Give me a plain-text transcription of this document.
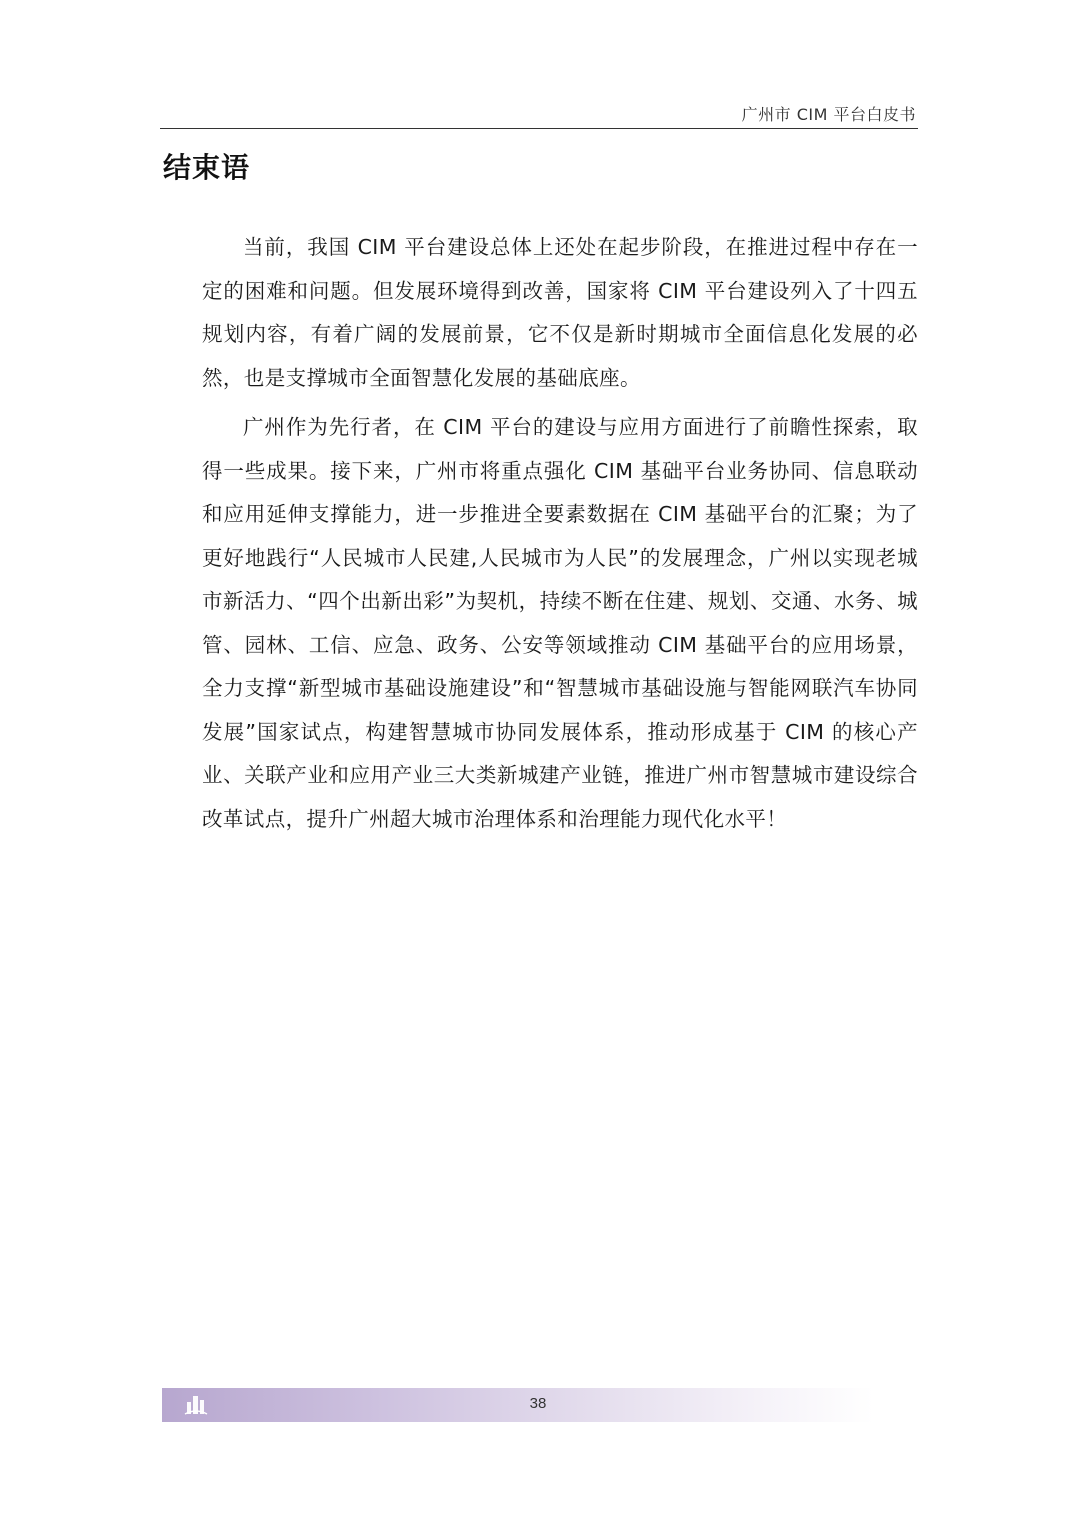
广州市 CIM 平台白皮书
结束语

当前，我国 CIM 平台建设总体上还处在起步阶段，在推进过程中存在一定的困难和问题。但发展环境得到改善，国家将 CIM 平台建设列入了十四五规划内容，有着广阔的发展前景，它不仅是新时期城市全面信息化发展的必然，也是支撑城市全面智慧化发展的基础底座。

广州作为先行者，在 CIM 平台的建设与应用方面进行了前瞻性探索，取得一些成果。接下来，广州市将重点强化 CIM 基础平台业务协同、信息联动和应用延伸支撑能力，进一步推进全要素数据在 CIM 基础平台的汇聚；为了更好地践行“人民城市人民建,人民城市为人民”的发展理念，广州以实现老城市新活力、“四个出新出彩”为契机，持续不断在住建、规划、交通、水务、城管、园林、工信、应急、政务、公安等领域推动 CIM 基础平台的应用场景，全力支撑“新型城市基础设施建设”和“智慧城市基础设施与智能网联汽车协同发展”国家试点，构建智慧城市协同发展体系，推动形成基于 CIM 的核心产业、关联产业和应用产业三大类新城建产业链，推进广州市智慧城市建设综合改革试点，提升广州超大城市治理体系和治理能力现代化水平！

38
